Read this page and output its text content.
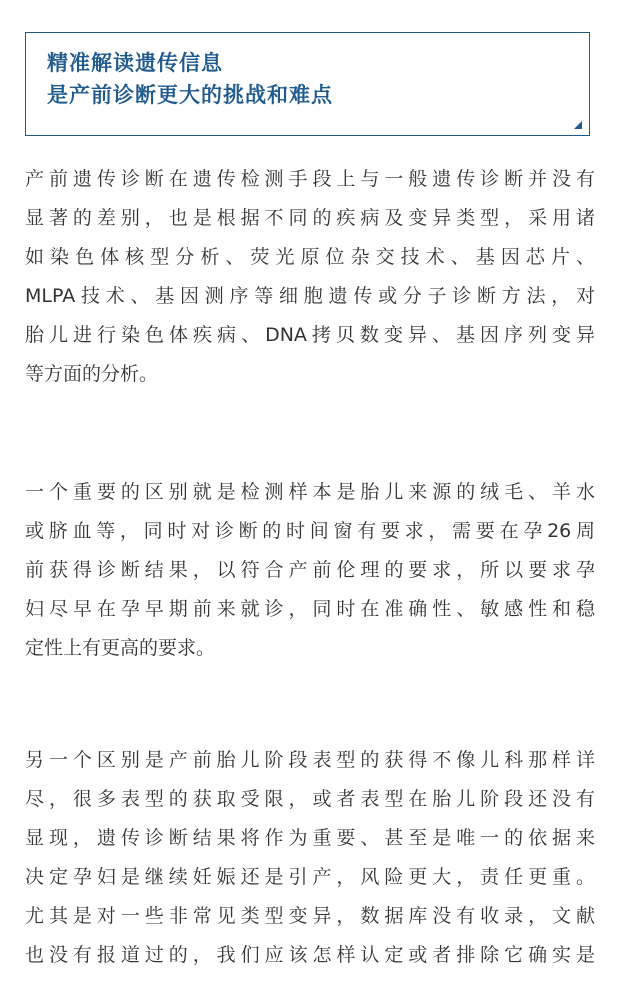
精准解读遗传信息
是产前诊断更大的挑战和难点

产前遗传诊断在遗传检测手段上与一般遗传诊断并没有
显著的差别，也是根据不同的疾病及变异类型，采用诸
如染色体核型分析、荧光原位杂交技术、基因芯片、
MLPA技术、基因测序等细胞遗传或分子诊断方法，对
胎儿进行染色体疾病、DNA拷贝数变异、基因序列变异
等方面的分析。

一个重要的区别就是检测样本是胎儿来源的绒毛、羊水
或脐血等，同时对诊断的时间窗有要求，需要在孕26周
前获得诊断结果，以符合产前伦理的要求，所以要求孕
妇尽早在孕早期前来就诊，同时在准确性、敏感性和稳
定性上有更高的要求。

另一个区别是产前胎儿阶段表型的获得不像儿科那样详
尽，很多表型的获取受限，或者表型在胎儿阶段还没有
显现，遗传诊断结果将作为重要、甚至是唯一的依据来
决定孕妇是继续妊娠还是引产，风险更大，责任更重。
尤其是对一些非常见类型变异，数据库没有收录，文献
也没有报道过的，我们应该怎样认定或者排除它确实是
